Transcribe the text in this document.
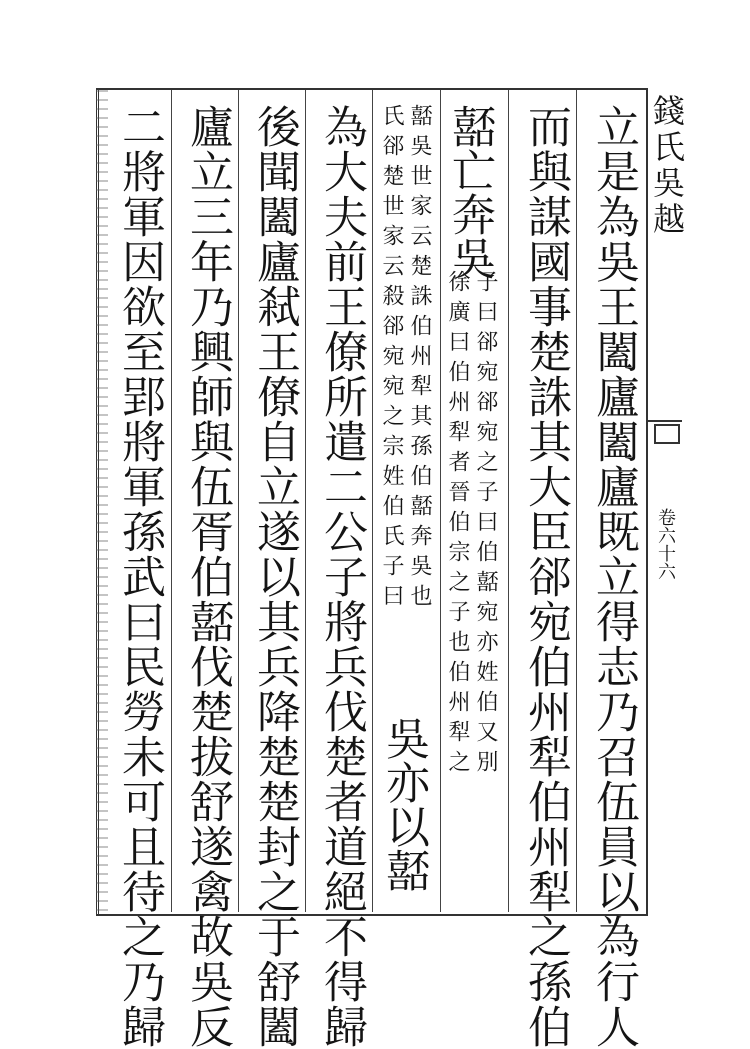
錢氏吳越
卷六十六
立是為吳王闔廬闔廬既立得志乃召伍員以為行人
而與謀國事楚誅其大臣郤宛伯州犁伯州犁之孫伯
嚭亡奔吳
徐廣曰伯州犁者晉伯宗之子也伯州犁之 子曰郤宛郤宛之子曰伯嚭宛亦姓伯又別
氏郤楚世家云殺郤宛宛之宗姓伯氏子曰 嚭吳世家云楚誅伯州犁其孫伯嚭奔吳也
吳亦以嚭
為大夫前王僚所遣二公子將兵伐楚者道絕不得歸
後聞闔廬弒王僚自立遂以其兵降楚楚封之于舒闔
廬立三年乃興師與伍胥伯嚭伐楚拔舒遂禽故吳反
二將軍因欲至郢將軍孫武曰民勞未可且待之乃歸
